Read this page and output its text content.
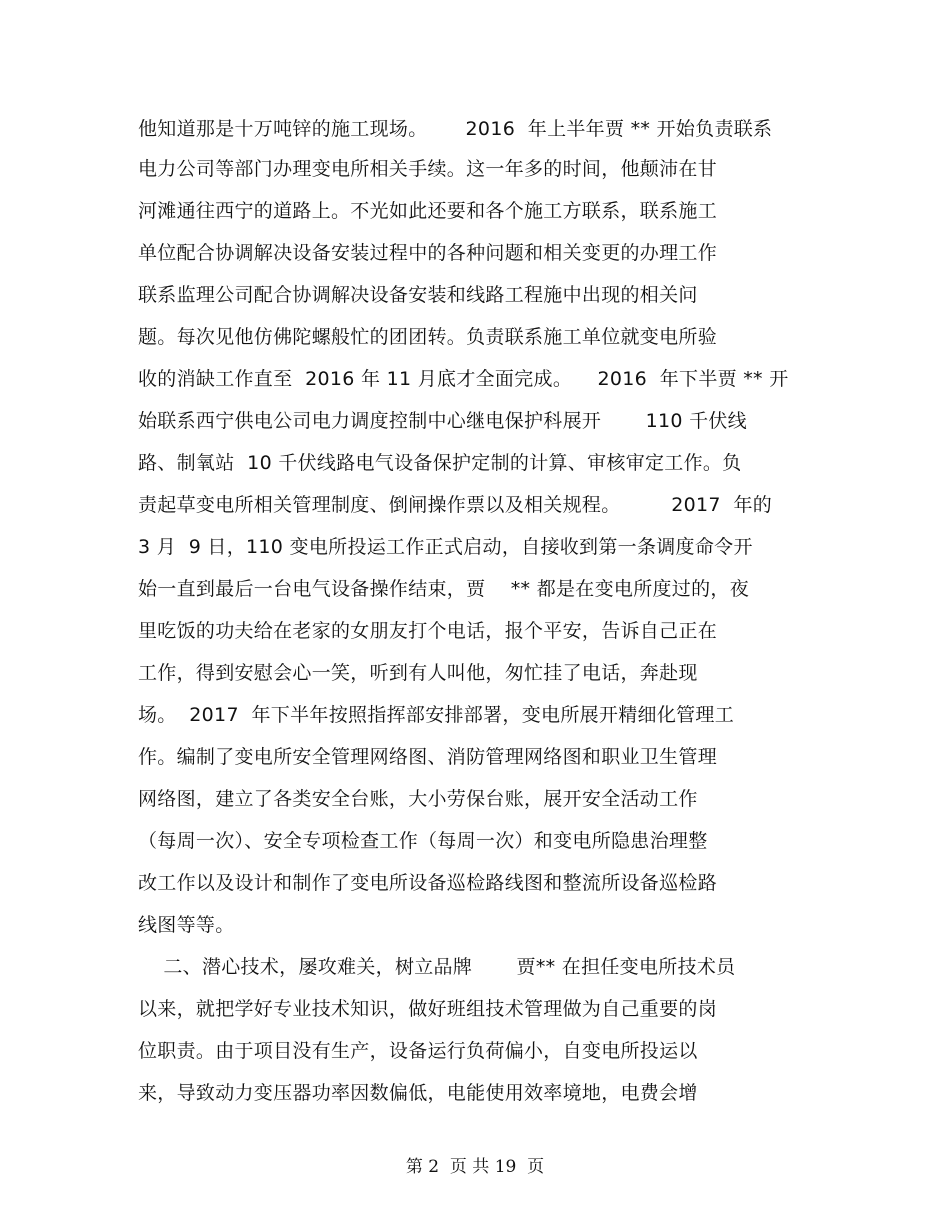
他知道那是十万吨锌的施工现场。      2016  年上半年贾 ** 开始负责联系
电力公司等部门办理变电所相关手续。这一年多的时间，他颠沛在甘
河滩通往西宁的道路上。不光如此还要和各个施工方联系，联系施工
单位配合协调解决设备安装过程中的各种问题和相关变更的办理工作
联系监理公司配合协调解决设备安装和线路工程施中出现的相关问
题。每次见他仿佛陀螺般忙的团团转。负责联系施工单位就变电所验
收的消缺工作直至  2016 年 11 月底才全面完成。    2016  年下半贾 ** 开
始联系西宁供电公司电力调度控制中心继电保护科展开       110 千伏线
路、制氧站  10 千伏线路电气设备保护定制的计算、审核审定工作。负
责起草变电所相关管理制度、倒闸操作票以及相关规程。        2017  年的
3 月  9 日，110 变电所投运工作正式启动，自接收到第一条调度命令开
始一直到最后一台电气设备操作结束，贾    ** 都是在变电所度过的，夜
里吃饭的功夫给在老家的女朋友打个电话，报个平安，告诉自己正在
工作，得到安慰会心一笑，听到有人叫他，匆忙挂了电话，奔赴现
场。  2017  年下半年按照指挥部安排部署，变电所展开精细化管理工
作。编制了变电所安全管理网络图、消防管理网络图和职业卫生管理
网络图，建立了各类安全台账，大小劳保台账，展开安全活动工作
（每周一次）、安全专项检查工作（每周一次）和变电所隐患治理整
改工作以及设计和制作了变电所设备巡检路线图和整流所设备巡检路
线图等等。
二、潜心技术，屡攻难关，树立品牌       贾** 在担任变电所技术员
以来，就把学好专业技术知识，做好班组技术管理做为自己重要的岗
位职责。由于项目没有生产，设备运行负荷偏小，自变电所投运以
来，导致动力变压器功率因数偏低，电能使用效率境地，电费会增
第 2  页 共 19  页
